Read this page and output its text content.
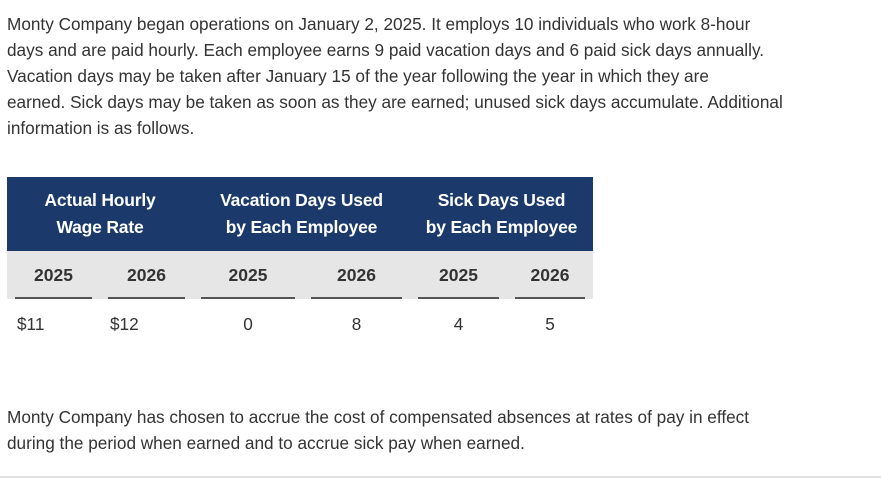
Monty Company began operations on January 2, 2025. It employs 10 individuals who work 8-hour
days and are paid hourly. Each employee earns 9 paid vacation days and 6 paid sick days annually.
Vacation days may be taken after January 15 of the year following the year in which they are
earned. Sick days may be taken as soon as they are earned; unused sick days accumulate. Additional
information is as follows.

Actual Hourly
Wage Rate
Vacation Days Used
by Each Employee
Sick Days Used
by Each Employee
2025	2026	2025	2026	2025	2026
$11	$12	0	8	4	5

Monty Company has chosen to accrue the cost of compensated absences at rates of pay in effect
during the period when earned and to accrue sick pay when earned.
